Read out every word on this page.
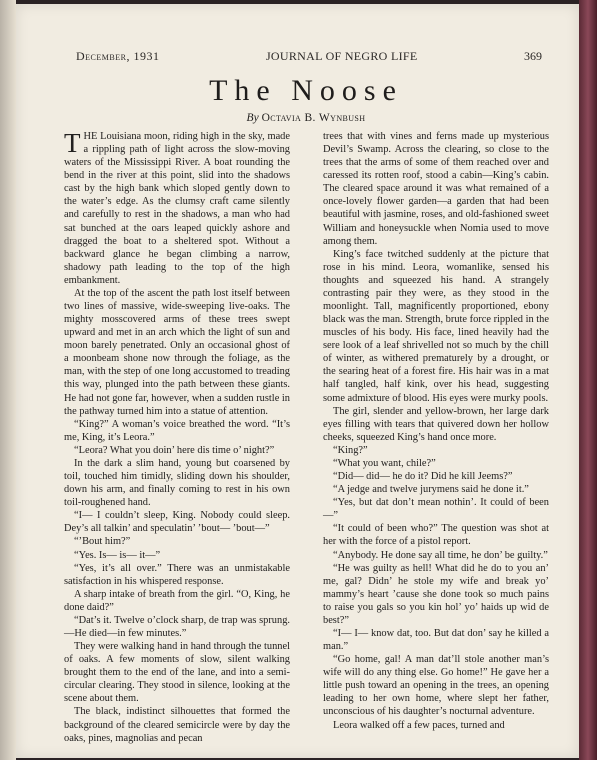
December, 1931	JOURNAL OF NEGRO LIFE	369
The Noose
By Octavia B. Wynbush

THE Louisiana moon, riding high in the sky, made a rippling path of light across the slow-moving waters of the Mississippi River. A boat rounding the bend in the river at this point, slid into the shadows cast by the high bank which sloped gently down to the water’s edge. As the clumsy craft came silently and carefully to rest in the shadows, a man who had sat bunched at the oars leaped quickly ashore and dragged the boat to a sheltered spot. Without a backward glance he began climbing a narrow, shadowy path leading to the top of the high embankment.

At the top of the ascent the path lost itself between two lines of massive, wide-sweeping live-oaks. The mighty mosscovered arms of these trees swept upward and met in an arch which the light of sun and moon barely penetrated. Only an occasional ghost of a moonbeam shone now through the foliage, as the man, with the step of one long accustomed to treading this way, plunged into the path between these giants. He had not gone far, however, when a sudden rustle in the pathway turned him into a statue of attention.

“King?” A woman’s voice breathed the word. “It’s me, King, it’s Leora.”

“Leora? What you doin’ here dis time o’ night?”

In the dark a slim hand, young but coarsened by toil, touched him timidly, sliding down his shoulder, down his arm, and finally coming to rest in his own toil-roughened hand.

“I— I couldn’t sleep, King. Nobody could sleep. Dey’s all talkin’ and speculatin’ ’bout— ’bout—”

“’Bout him?”

“Yes. Is— is— it—”

“Yes, it’s all over.” There was an unmistakable satisfaction in his whispered response.

A sharp intake of breath from the girl. “O, King, he done daid?”

“Dat’s it. Twelve o’clock sharp, de trap was sprung.—He died—in few minutes.”

They were walking hand in hand through the tunnel of oaks. A few moments of slow, silent walking brought them to the end of the lane, and into a semi-circular clearing. They stood in silence, looking at the scene about them.

The black, indistinct silhouettes that formed the background of the cleared semicircle were by day the oaks, pines, magnolias and pecan

trees that with vines and ferns made up mysterious Devil’s Swamp. Across the clearing, so close to the trees that the arms of some of them reached over and caressed its rotten roof, stood a cabin—King’s cabin. The cleared space around it was what remained of a once-lovely flower garden—a garden that had been beautiful with jasmine, roses, and old-fashioned sweet William and honeysuckle when Nomia used to move among them.

King’s face twitched suddenly at the picture that rose in his mind. Leora, womanlike, sensed his thoughts and squeezed his hand. A strangely contrasting pair they were, as they stood in the moonlight. Tall, magnificently proportioned, ebony black was the man. Strength, brute force rippled in the muscles of his body. His face, lined heavily had the sere look of a leaf shrivelled not so much by the chill of winter, as withered prematurely by a drought, or the searing heat of a forest fire. His hair was in a mat half tangled, half kink, over his head, suggesting some admixture of blood. His eyes were murky pools.

The girl, slender and yellow-brown, her large dark eyes filling with tears that quivered down her hollow cheeks, squeezed King’s hand once more.

“King?”

“What you want, chile?”

“Did— did— he do it? Did he kill Jeems?”

“A jedge and twelve jurymens said he done it.”

“Yes, but dat don’t mean nothin’. It could of been—”

“It could of been who?” The question was shot at her with the force of a pistol report.

“Anybody. He done say all time, he don’ be guilty.”

“He was guilty as hell! What did he do to you an’ me, gal? Didn’ he stole my wife and break yo’ mammy’s heart ’cause she done took so much pains to raise you gals so you kin hol’ yo’ haids up wid de best?”

“I— I— know dat, too. But dat don’ say he killed a man.”

“Go home, gal! A man dat’ll stole another man’s wife will do any thing else. Go home!” He gave her a little push toward an opening in the trees, an opening leading to her own home, where slept her father, unconscious of his daughter’s nocturnal adventure.

Leora walked off a few paces, turned and
